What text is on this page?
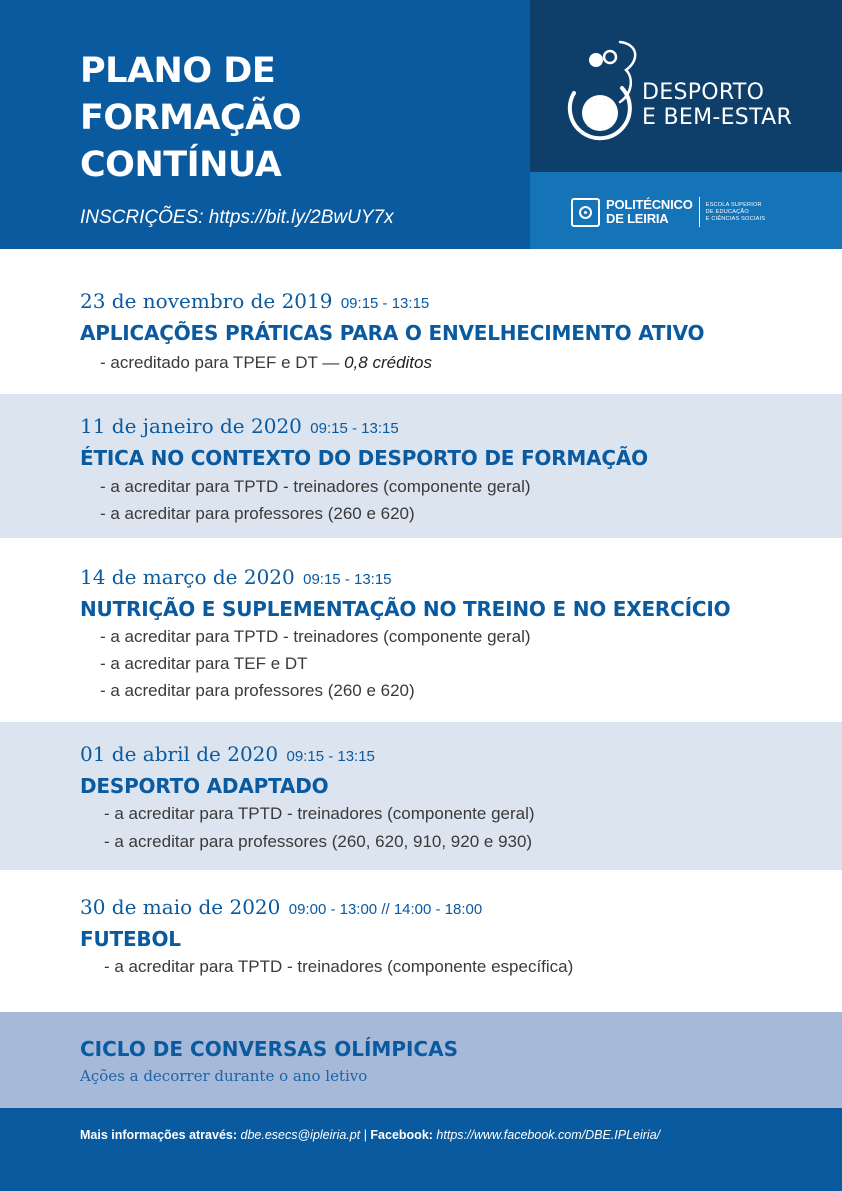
PLANO DE
FORMAÇÃO
CONTÍNUA
INSCRIÇÕES: https://bit.ly/2BwUY7x
DESPORTO
E BEM-ESTAR
POLITÉCNICO
DE LEIRIA
ESCOLA SUPERIOR
DE EDUCAÇÃO
E CIÊNCIAS SOCIAIS
23 de novembro de 2019 09:15 - 13:15
APLICAÇÕES PRÁTICAS PARA O ENVELHECIMENTO ATIVO
- acreditado para TPEF e DT — 0,8 créditos
11 de janeiro de 2020 09:15 - 13:15
ÉTICA NO CONTEXTO DO DESPORTO DE FORMAÇÃO
- a acreditar para TPTD - treinadores (componente geral)
- a acreditar para professores (260 e 620)
14 de março de 2020 09:15 - 13:15
NUTRIÇÃO E SUPLEMENTAÇÃO NO TREINO E NO EXERCÍCIO
- a acreditar para TPTD - treinadores (componente geral)
- a acreditar para TEF e DT
- a acreditar para professores (260 e 620)
01 de abril de 2020 09:15 - 13:15
DESPORTO ADAPTADO
- a acreditar para TPTD - treinadores (componente geral)
- a acreditar para professores (260, 620, 910, 920 e 930)
30 de maio de 2020 09:00 - 13:00 // 14:00 - 18:00
FUTEBOL
- a acreditar para TPTD - treinadores (componente específica)
CICLO DE CONVERSAS OLÍMPICAS
Ações a decorrer durante o ano letivo
Mais informações através: dbe.esecs@ipleiria.pt | Facebook: https://www.facebook.com/DBE.IPLeiria/
